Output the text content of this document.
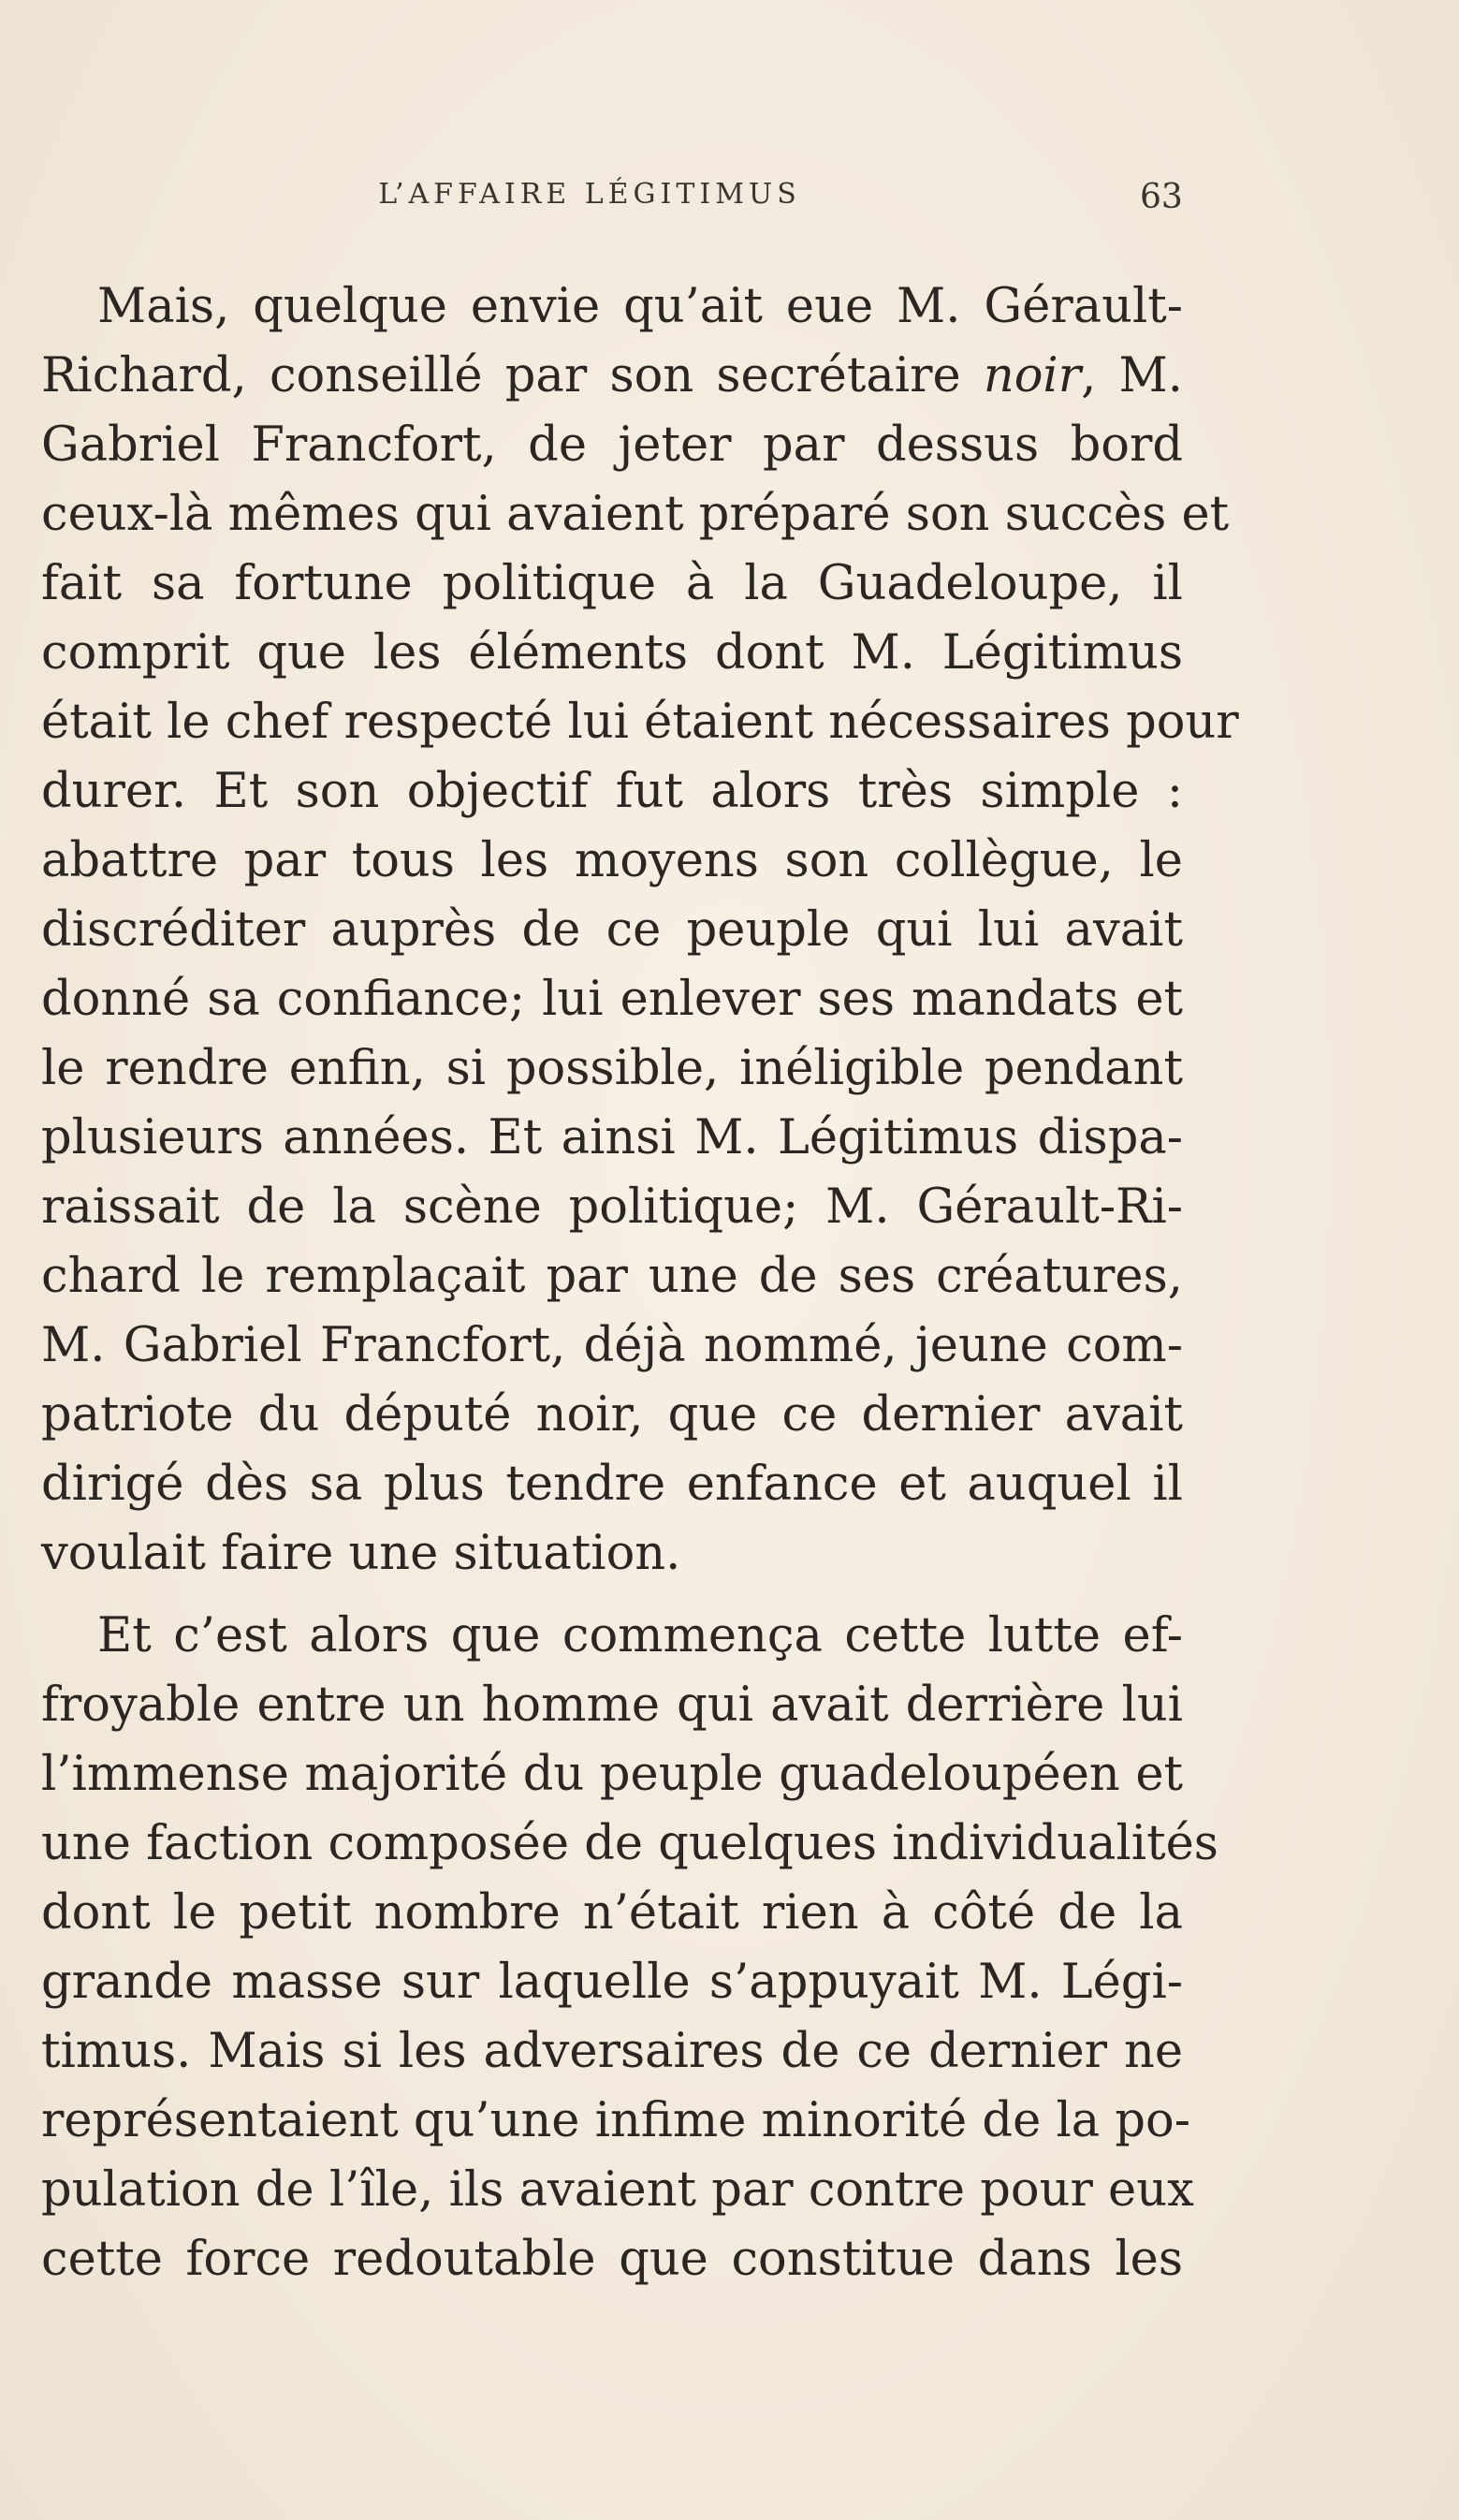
L’AFFAIRE LÉGITIMUS	63
Mais, quelque envie qu’ait eue M. Gérault-
Richard, conseillé par son secrétaire noir, M.
Gabriel Francfort, de jeter par dessus bord
ceux-là mêmes qui avaient préparé son succès et
fait sa fortune politique à la Guadeloupe, il
comprit que les éléments dont M. Légitimus
était le chef respecté lui étaient nécessaires pour
durer. Et son objectif fut alors très simple :
abattre par tous les moyens son collègue, le
discréditer auprès de ce peuple qui lui avait
donné sa confiance; lui enlever ses mandats et
le rendre enfin, si possible, inéligible pendant
plusieurs années. Et ainsi M. Légitimus dispa-
raissait de la scène politique; M. Gérault-Ri-
chard le remplaçait par une de ses créatures,
M. Gabriel Francfort, déjà nommé, jeune com-
patriote du député noir, que ce dernier avait
dirigé dès sa plus tendre enfance et auquel il
voulait faire une situation.
Et c’est alors que commença cette lutte ef-
froyable entre un homme qui avait derrière lui
l’immense majorité du peuple guadeloupéen et
une faction composée de quelques individualités
dont le petit nombre n’était rien à côté de la
grande masse sur laquelle s’appuyait M. Légi-
timus. Mais si les adversaires de ce dernier ne
représentaient qu’une infime minorité de la po-
pulation de l’île, ils avaient par contre pour eux
cette force redoutable que constitue dans les
